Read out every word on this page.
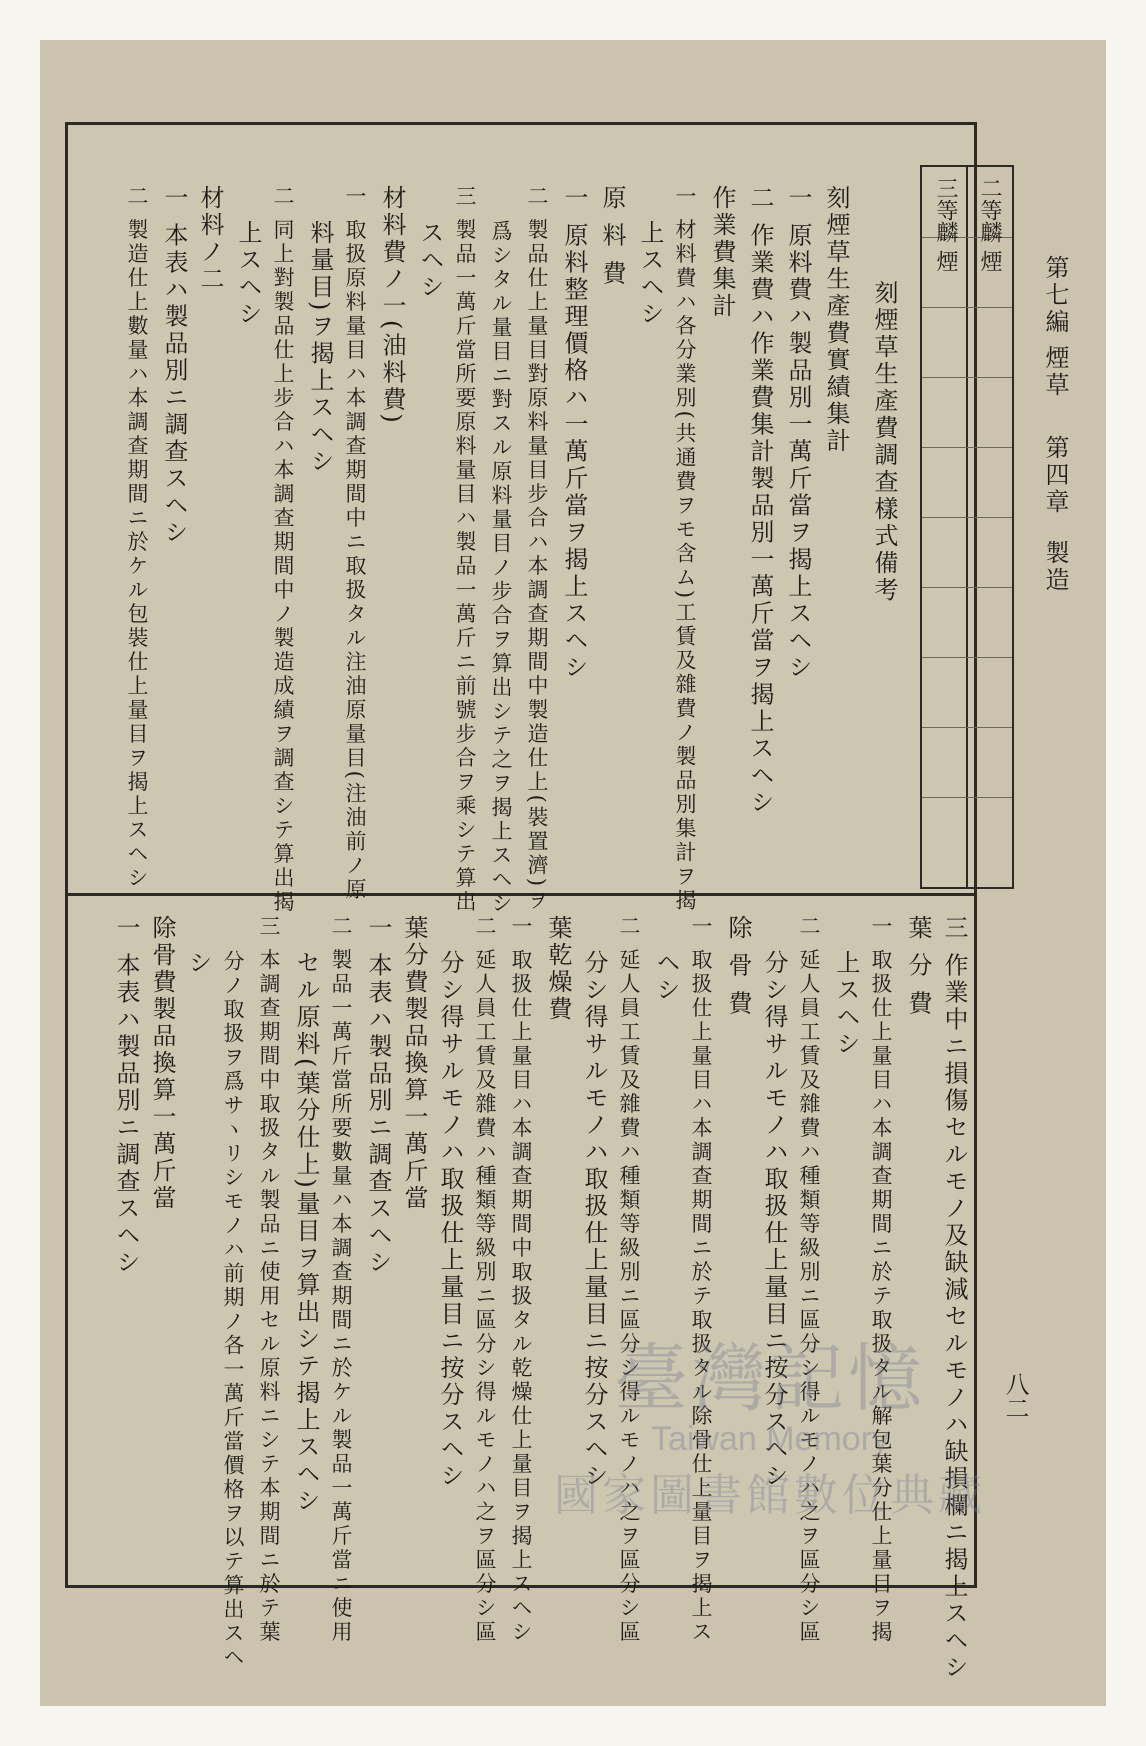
第七編
煙草
第四章
製造
八二
二等麟 煙
三等麟 煙
刻煙草生產費調查樣式備考
刻煙草生產費實績集計
一 原料費ハ製品別一萬斤當ヲ揭上スヘシ
二 作業費ハ作業費集計製品別一萬斤當ヲ揭上スヘシ
作業費集計
一 材料費ハ各分業別(共通費ヲモ含ム)工賃及雜費ノ製品別集計ヲ揭
上スヘシ
原 料 費
一 原料整理價格ハ一萬斤當ヲ揭上スヘシ
二 製品仕上量目對原料量目步合ハ本調查期間中製造仕上(裝置濟)ヲ
爲シタル量目ニ對スル原料量目ノ步合ヲ算出シテ之ヲ揭上スヘシ
三 製品一萬斤當所要原料量目ハ製品一萬斤ニ前號步合ヲ乘シテ算出
スヘシ
材料費ノ一(油料費)
一 取扱原料量目ハ本調查期間中ニ取扱タル注油原量目(注油前ノ原
料量目)ヲ揭上スヘシ
二 同上對製品仕上步合ハ本調查期間中ノ製造成績ヲ調查シテ算出揭
上スヘシ
材料ノ二
一 本表ハ製品別ニ調查スヘシ
二 製造仕上數量ハ本調查期間ニ於ケル包裝仕上量目ヲ揭上スヘシ
三 作業中ニ損傷セルモノ及缺減セルモノハ缺損欄ニ揭上スヘシ
葉 分 費
一 取扱仕上量目ハ本調查期間ニ於テ取扱タル解包葉分仕上量目ヲ揭
上スヘシ
二 延人員工賃及雜費ハ種類等級別ニ區分シ得ルモノハ之ヲ區分シ區
分シ得サルモノハ取扱仕上量目ニ按分スヘシ
除 骨 費
一 取扱仕上量目ハ本調查期間ニ於テ取扱タル除骨仕上量目ヲ揭上ス
ヘシ
二 延人員工賃及雜費ハ種類等級別ニ區分シ得ルモノハ之ヲ區分シ區
分シ得サルモノハ取扱仕上量目ニ按分スヘシ
葉乾燥費
一 取扱仕上量目ハ本調查期間中取扱タル乾燥仕上量目ヲ揭上スヘシ
二 延人員工賃及雜費ハ種類等級別ニ區分シ得ルモノハ之ヲ區分シ區
分シ得サルモノハ取扱仕上量目ニ按分スヘシ
葉分費製品換算一萬斤當
一 本表ハ製品別ニ調查スヘシ
二 製品一萬斤當所要數量ハ本調查期間ニ於ケル製品一萬斤當ニ使用
セル原料(葉分仕上)量目ヲ算出シテ揭上スヘシ
三 本調查期間中取扱タル製品ニ使用セル原料ニシテ本期間ニ於テ葉
分ノ取扱ヲ爲サヽリシモノハ前期ノ各一萬斤當價格ヲ以テ算出スヘ
シ
除骨費製品換算一萬斤當
一 本表ハ製品別ニ調查スヘシ
臺灣記憶
Taiwan Memory
國家圖書館數位典藏
